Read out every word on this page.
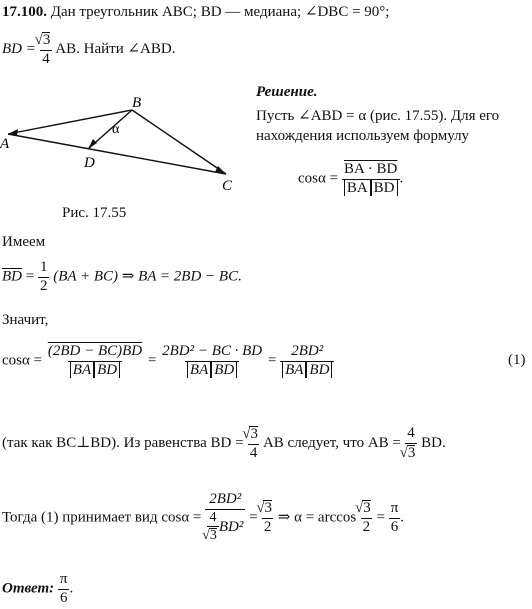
17.100. Дан треугольник ABC; BD — медиана; ∠DBC = 90°;
BD = √ $\frac{3}{4}$ AB. Найти ∠ABD.
A
B
C
D
α
Рис. 17.55
Решение.
Пусть ∠ABD = α (рис. 17.55). Для его
нахождения используем формулу
$\cos\alpha = \frac{BA \cdot BD}{\overline{BA} \overline{BD}}$ .
Имеем
$\overline{BD} = \frac{1}{2} (BA + BC)$ ⇒ BA = 2BD − BC.
Значит,
$\cos\alpha = \frac{(2BD - BC)BD}{\overline{BA} \overline{BD}} = \frac{\text{2BD² − BC · BD}}{\overline{BA} \overline{BD}} = \frac{\text{2BD²}}{\overline{BA} \overline{BD}}$	(1)
(так как BC⊥BD). Из равенства BD = √ $\frac{3}{4}$ AB следует, что AB = 4
√ 3 BD.
Тогда (1) принимает вид cosα = 2BD²
4
√ 3 BD² = √ $\frac{3}{2}$ ⇒ α = arccos √ $\frac{3}{2} = \frac{\pi}{6}$ .
Ответ: $\frac{\pi}{6}$ .
